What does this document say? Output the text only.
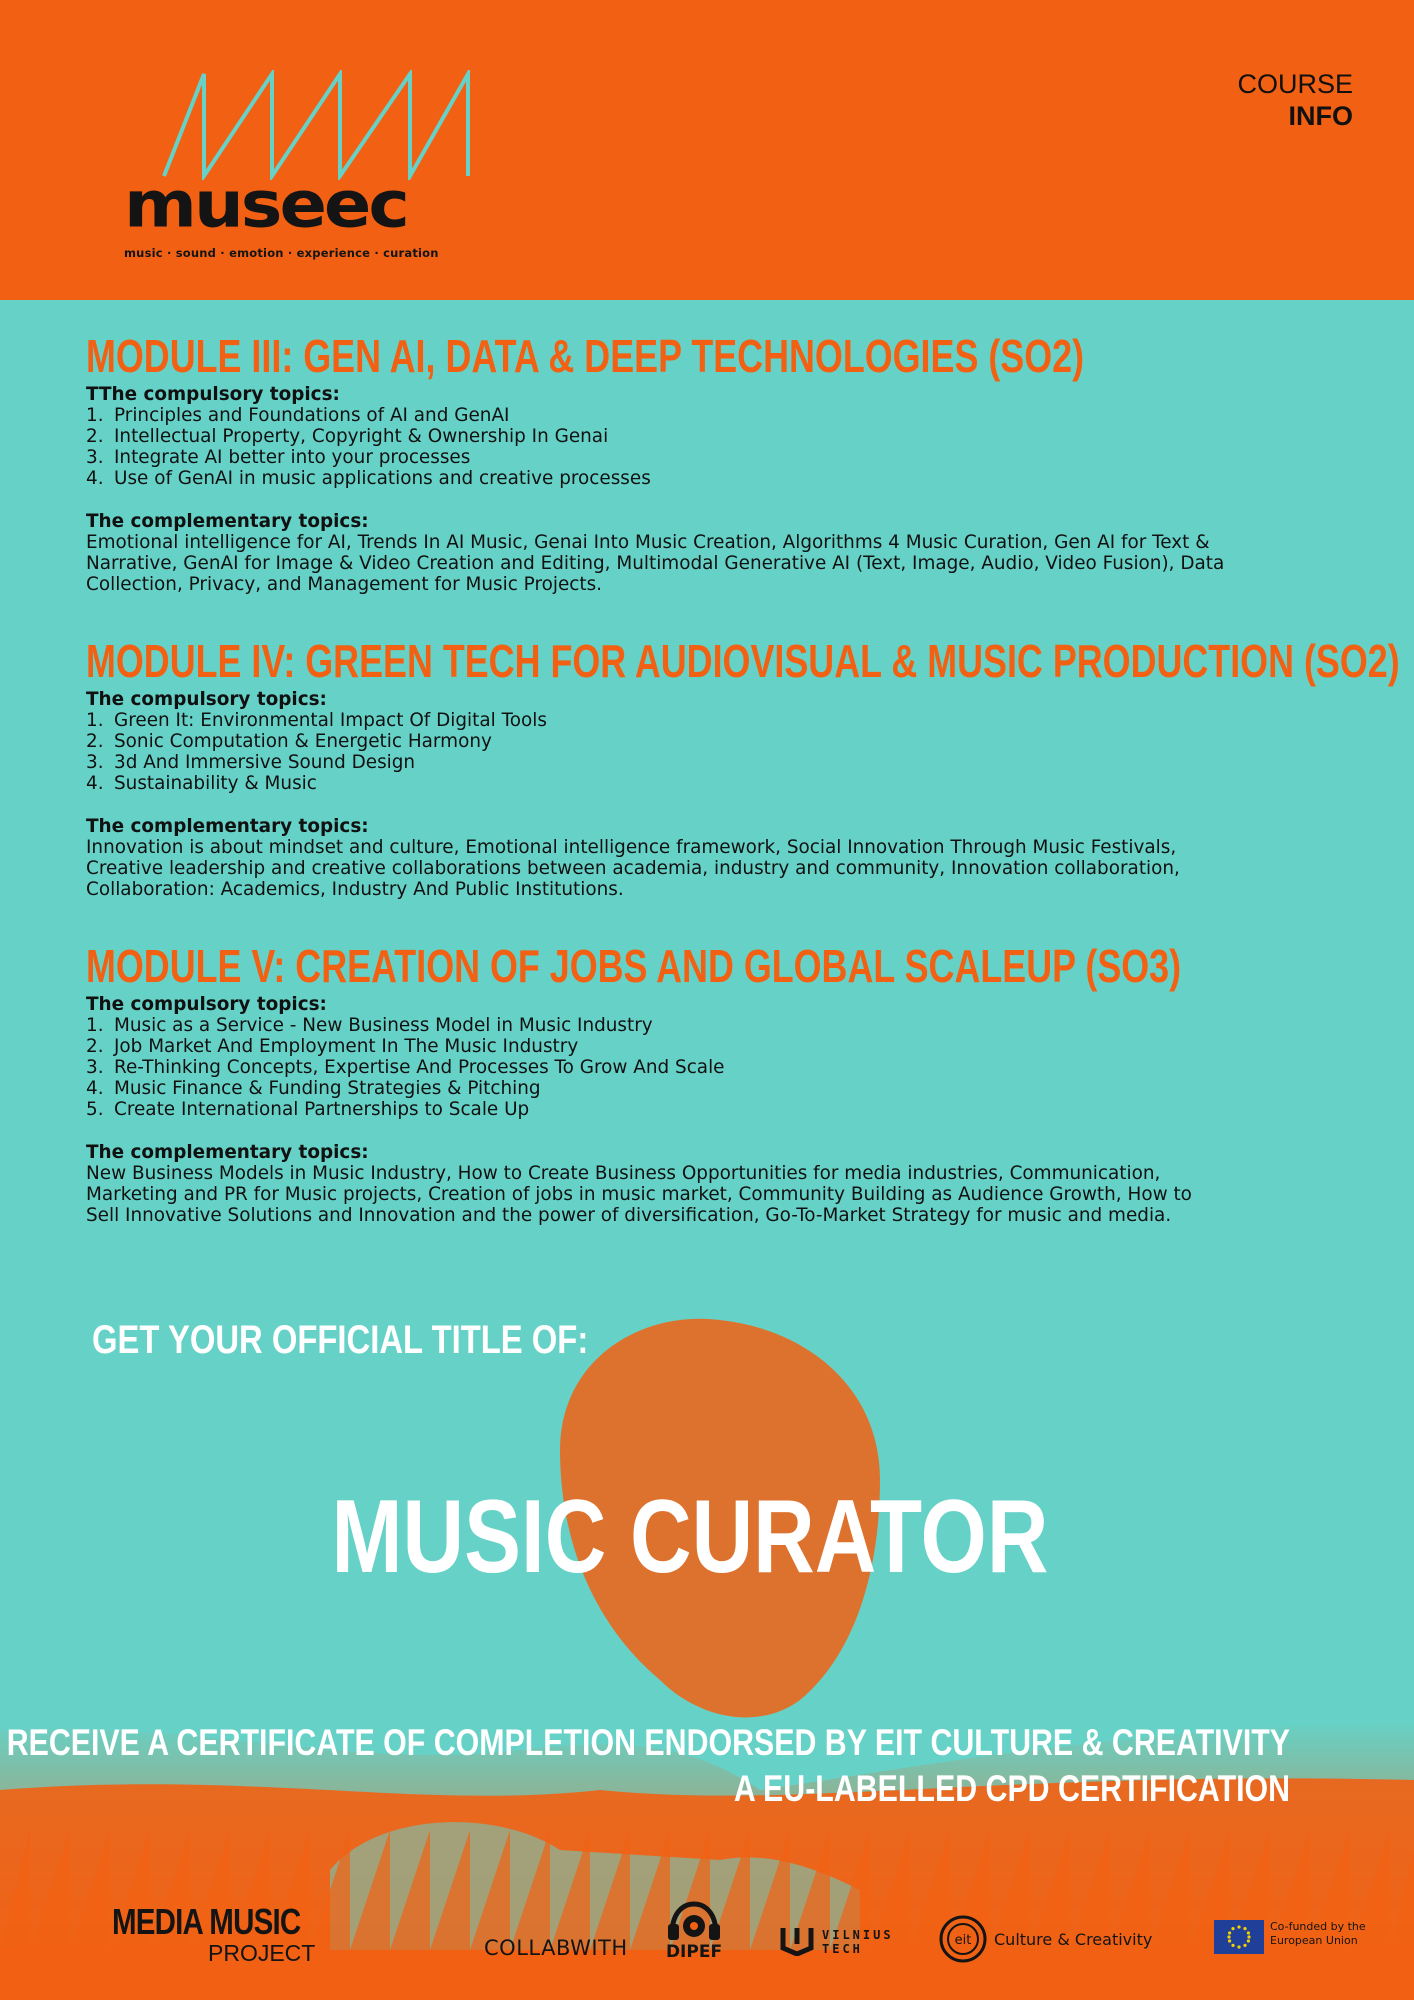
museec
music · sound · emotion · experience · curation
COURSE
INFO
MODULE III: GEN AI, DATA & DEEP TECHNOLOGIES (SO2)
TThe compulsory topics:
1. Principles and Foundations of AI and GenAI
2. Intellectual Property, Copyright & Ownership In Genai
3. Integrate AI better into your processes
4. Use of GenAI in music applications and creative processes
The complementary topics:

Emotional intelligence for AI, Trends In AI Music, Genai Into Music Creation, Algorithms 4 Music Curation, Gen AI for Text &

Narrative, GenAI for Image & Video Creation and Editing, Multimodal Generative AI (Text, Image, Audio, Video Fusion), Data

Collection, Privacy, and Management for Music Projects.

MODULE IV: GREEN TECH FOR AUDIOVISUAL & MUSIC PRODUCTION (SO2)
The compulsory topics:
1. Green It: Environmental Impact Of Digital Tools
2. Sonic Computation & Energetic Harmony
3. 3d And Immersive Sound Design
4. Sustainability & Music
The complementary topics:

Innovation is about mindset and culture, Emotional intelligence framework, Social Innovation Through Music Festivals,

Creative leadership and creative collaborations between academia, industry and community, Innovation collaboration,

Collaboration: Academics, Industry And Public Institutions.

MODULE V: CREATION OF JOBS AND GLOBAL SCALEUP (SO3)
The compulsory topics:
1. Music as a Service - New Business Model in Music Industry
2. Job Market And Employment In The Music Industry
3. Re-Thinking Concepts, Expertise And Processes To Grow And Scale
4. Music Finance & Funding Strategies & Pitching
5. Create International Partnerships to Scale Up
The complementary topics:

New Business Models in Music Industry, How to Create Business Opportunities for media industries, Communication,

Marketing and PR for Music projects, Creation of jobs in music market, Community Building as Audience Growth, How to

Sell Innovative Solutions and Innovation and the power of diversification, Go-To-Market Strategy for music and media.

GET YOUR OFFICIAL TITLE OF:
MUSIC CURATOR
RECEIVE A CERTIFICATE OF COMPLETION ENDORSED BY EIT CULTURE & CREATIVITY
A EU-LABELLED CPD CERTIFICATION
MEDIA MUSIC
PROJECT	COLLABWITH DIPEF
VILNIUS
TECH
eit Culture & Creativity
Co-funded by the
European Union
